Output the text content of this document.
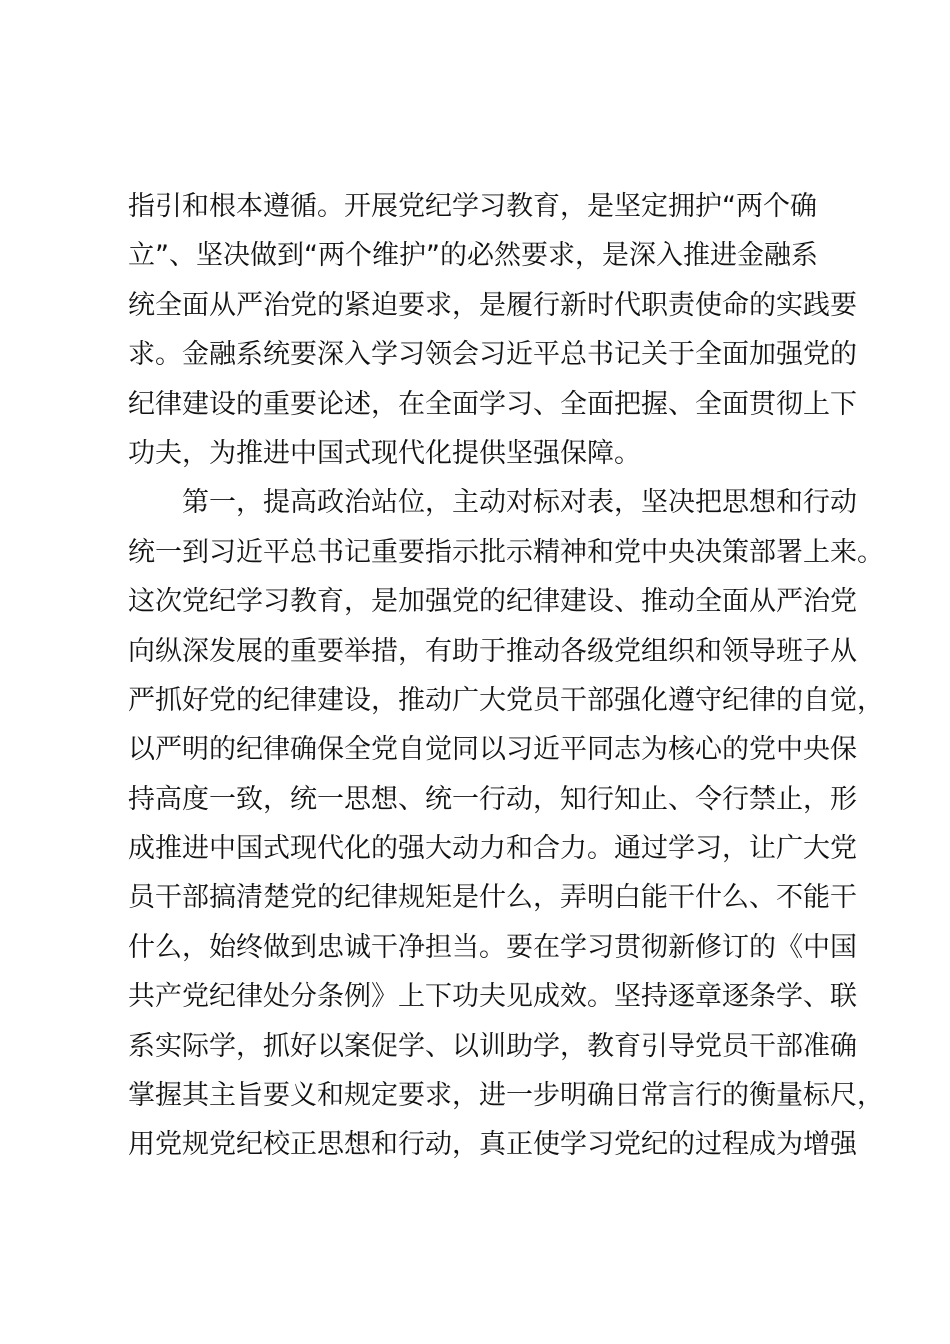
指引和根本遵循。开展党纪学习教育，是坚定拥护“两个确
立”、坚决做到“两个维护”的必然要求，是深入推进金融系
统全面从严治党的紧迫要求，是履行新时代职责使命的实践要
求。金融系统要深入学习领会习近平总书记关于全面加强党的
纪律建设的重要论述，在全面学习、全面把握、全面贯彻上下
功夫，为推进中国式现代化提供坚强保障。
　　第一，提高政治站位，主动对标对表，坚决把思想和行动
统一到习近平总书记重要指示批示精神和党中央决策部署上来。
这次党纪学习教育，是加强党的纪律建设、推动全面从严治党
向纵深发展的重要举措，有助于推动各级党组织和领导班子从
严抓好党的纪律建设，推动广大党员干部强化遵守纪律的自觉，
以严明的纪律确保全党自觉同以习近平同志为核心的党中央保
持高度一致，统一思想、统一行动，知行知止、令行禁止，形
成推进中国式现代化的强大动力和合力。通过学习，让广大党
员干部搞清楚党的纪律规矩是什么，弄明白能干什么、不能干
什么，始终做到忠诚干净担当。要在学习贯彻新修订的《中国
共产党纪律处分条例》上下功夫见成效。坚持逐章逐条学、联
系实际学，抓好以案促学、以训助学，教育引导党员干部准确
掌握其主旨要义和规定要求，进一步明确日常言行的衡量标尺，
用党规党纪校正思想和行动，真正使学习党纪的过程成为增强
